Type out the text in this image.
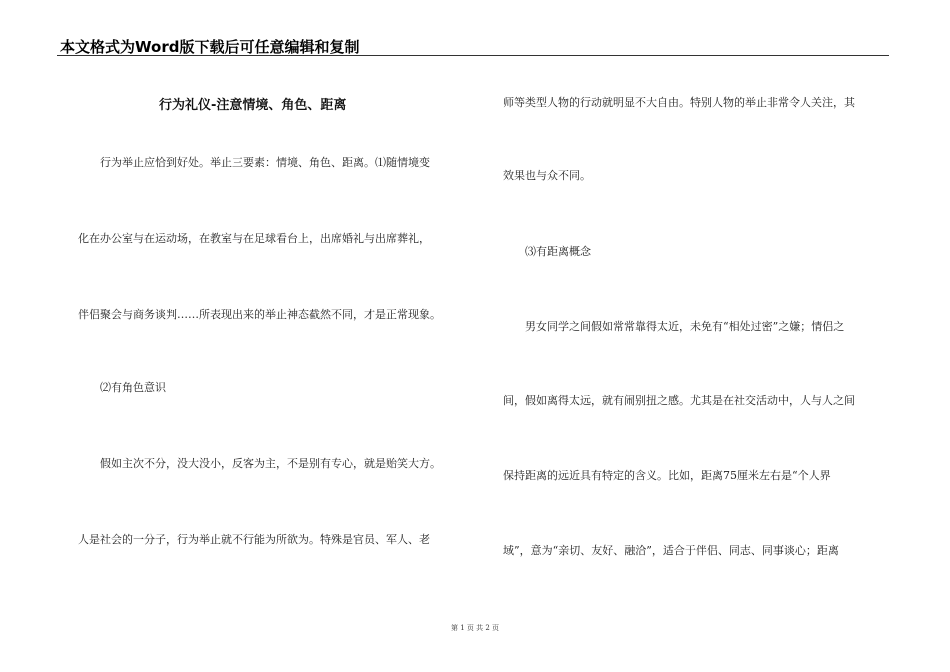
本文格式为Word版下载后可任意编辑和复制
行为礼仪-注意情境、角色、距离
行为举止应恰到好处。举止三要素：情境、角色、距离。⑴随情境变
化在办公室与在运动场，在教室与在足球看台上，出席婚礼与出席葬礼，
伴侣聚会与商务谈判……所表现出来的举止神态截然不同，才是正常现象。
⑵有角色意识
假如主次不分，没大没小，反客为主，不是别有专心，就是贻笑大方。
人是社会的一分子，行为举止就不行能为所欲为。特殊是官员、军人、老
师等类型人物的行动就明显不大自由。特别人物的举止非常令人关注，其
效果也与众不同。
⑶有距离概念
男女同学之间假如常常靠得太近，未免有“相处过密”之嫌；情侣之
间，假如离得太远，就有闹别扭之感。尤其是在社交活动中，人与人之间
保持距离的远近具有特定的含义。比如，距离75厘米左右是“个人界
域”，意为“亲切、友好、融洽”，适合于伴侣、同志、同事谈心；距离
第 1 页 共 2 页
